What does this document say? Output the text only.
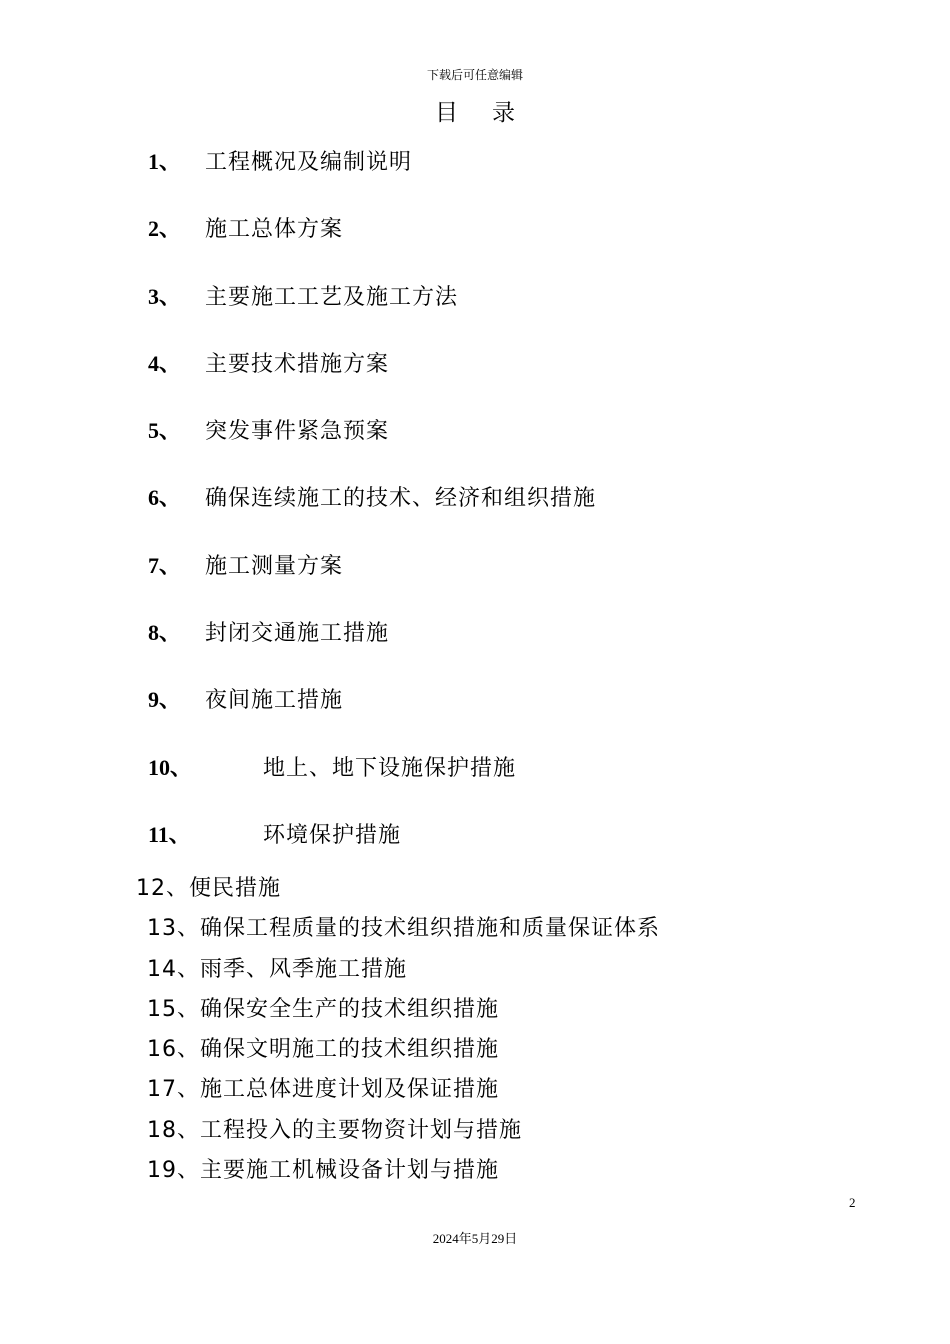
下载后可任意编辑
目 录
1、 工程概况及编制说明
2、 施工总体方案
3、 主要施工工艺及施工方法
4、 主要技术措施方案
5、 突发事件紧急预案
6、 确保连续施工的技术、经济和组织措施
7、 施工测量方案
8、 封闭交通施工措施
9、 夜间施工措施
10、	地上、地下设施保护措施
11、	环境保护措施
12、便民措施
13、确保工程质量的技术组织措施和质量保证体系
14、雨季、风季施工措施
15、确保安全生产的技术组织措施
16、确保文明施工的技术组织措施
17、施工总体进度计划及保证措施
18、工程投入的主要物资计划与措施
19、主要施工机械设备计划与措施
2
2024年5月29日
